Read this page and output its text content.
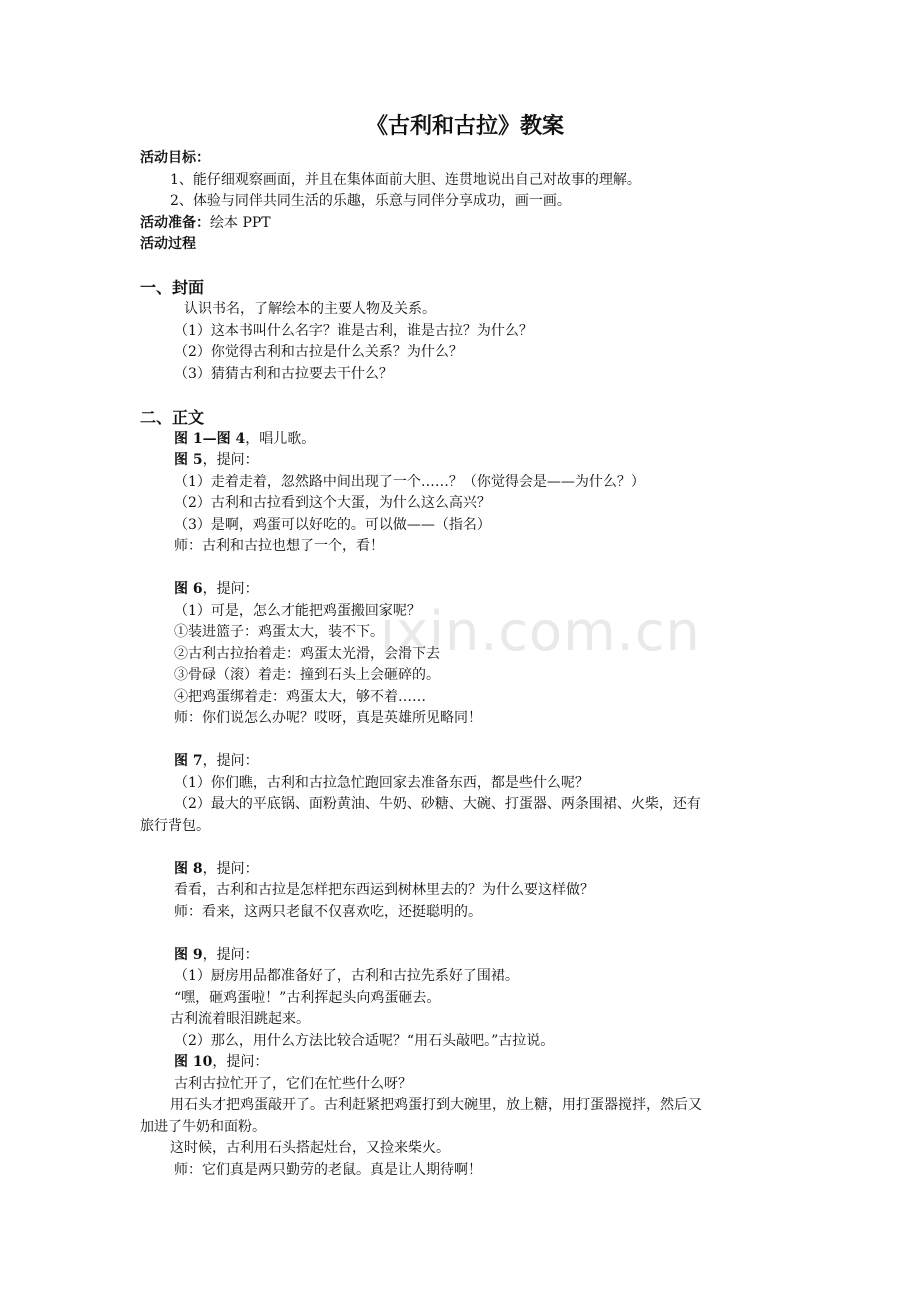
ixin.com.cn
《古利和古拉》教案
活动目标：
1、能仔细观察画面，并且在集体面前大胆、连贯地说出自己对故事的理解。
2、体验与同伴共同生活的乐趣，乐意与同伴分享成功，画一画。
活动准备：绘本 PPT
活动过程
一、封面
认识书名，了解绘本的主要人物及关系。
（1）这本书叫什么名字？谁是古利，谁是古拉？为什么？
（2）你觉得古利和古拉是什么关系？为什么？
（3）猜猜古利和古拉要去干什么？
二、正文
图 1—图 4，唱儿歌。
图 5，提问：
（1）走着走着，忽然路中间出现了一个……？（你觉得会是——为什么？）
（2）古利和古拉看到这个大蛋，为什么这么高兴？
（3）是啊，鸡蛋可以好吃的。可以做——（指名）
师：古利和古拉也想了一个，看！
图 6，提问：
（1）可是，怎么才能把鸡蛋搬回家呢？
①装进篮子：鸡蛋太大，装不下。
②古利古拉抬着走：鸡蛋太光滑，会滑下去
③骨碌（滚）着走：撞到石头上会砸碎的。
④把鸡蛋绑着走：鸡蛋太大，够不着……
师：你们说怎么办呢？哎呀，真是英雄所见略同！
图 7，提问：
（1）你们瞧，古利和古拉急忙跑回家去准备东西，都是些什么呢？
（2）最大的平底锅、面粉黄油、牛奶、砂糖、大碗、打蛋器、两条围裙、火柴，还有
旅行背包。
图 8，提问：
看看，古利和古拉是怎样把东西运到树林里去的？为什么要这样做？
师：看来，这两只老鼠不仅喜欢吃，还挺聪明的。
图 9，提问：
（1）厨房用品都准备好了，古利和古拉先系好了围裙。
“嘿，砸鸡蛋啦！”古利挥起头向鸡蛋砸去。
古利流着眼泪跳起来。
（2）那么，用什么方法比较合适呢？“用石头敲吧。”古拉说。
图 10，提问：
古利古拉忙开了，它们在忙些什么呀？
用石头才把鸡蛋敲开了。古利赶紧把鸡蛋打到大碗里，放上糖，用打蛋器搅拌，然后又
加进了牛奶和面粉。
这时候，古利用石头搭起灶台，又捡来柴火。
师：它们真是两只勤劳的老鼠。真是让人期待啊！
